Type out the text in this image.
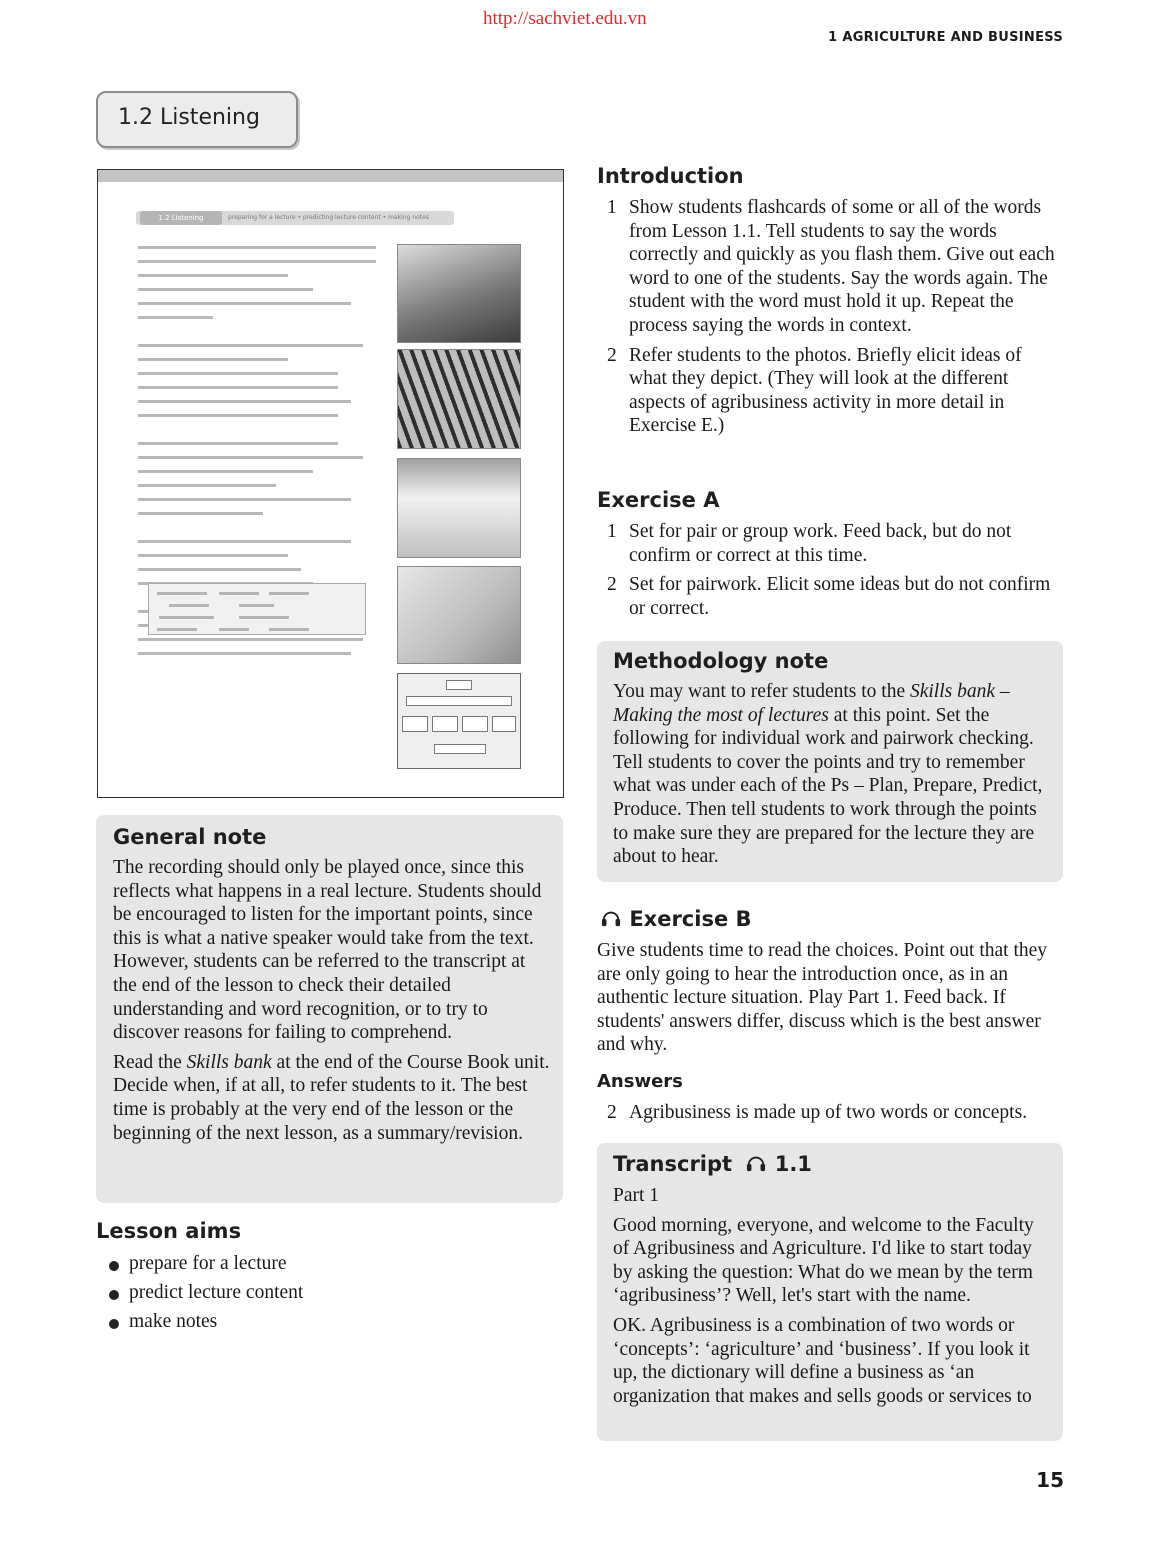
http://sachviet.edu.vn
1 AGRICULTURE AND BUSINESS
1.2 Listening
1.2 Listening	preparing for a lecture • predicting lecture content • making notes
General note

The recording should only be played once, since this reflects what happens in a real lecture. Students should be encouraged to listen for the important points, since this is what a native speaker would take from the text. However, students can be referred to the transcript at the end of the lesson to check their detailed understanding and word recognition, or to try to discover reasons for failing to comprehend.

Read the Skills bank at the end of the Course Book unit. Decide when, if at all, to refer students to it. The best time is probably at the very end of the lesson or the beginning of the next lesson, as a summary/revision.

Lesson aims
prepare for a lecture
predict lecture content
make notes
Introduction
1 Show students flashcards of some or all of the words from Lesson 1.1. Tell students to say the words correctly and quickly as you flash them. Give out each word to one of the students. Say the words again. The student with the word must hold it up. Repeat the process saying the words in context.
2 Refer students to the photos. Briefly elicit ideas of what they depict. (They will look at the different aspects of agribusiness activity in more detail in Exercise E.)
Exercise A
1 Set for pair or group work. Feed back, but do not confirm or correct at this time.
2 Set for pairwork. Elicit some ideas but do not confirm or correct.
Methodology note

You may want to refer students to the Skills bank – Making the most of lectures at this point. Set the following for individual work and pairwork checking. Tell students to cover the points and try to remember what was under each of the Ps – Plan, Prepare, Predict, Produce. Then tell students to work through the points to make sure they are prepared for the lecture they are about to hear.

Exercise B

Give students time to read the choices. Point out that they are only going to hear the introduction once, as in an authentic lecture situation. Play Part 1. Feed back. If students' answers differ, discuss which is the best answer and why.

Answers
2 Agribusiness is made up of two words or concepts.
Transcript 1.1

Part 1

Good morning, everyone, and welcome to the Faculty of Agribusiness and Agriculture. I'd like to start today by asking the question: What do we mean by the term ‘agribusiness’? Well, let's start with the name.

OK. Agribusiness is a combination of two words or ‘concepts’: ‘agriculture’ and ‘business’. If you look it up, the dictionary will define a business as ‘an organization that makes and sells goods or services to

15
